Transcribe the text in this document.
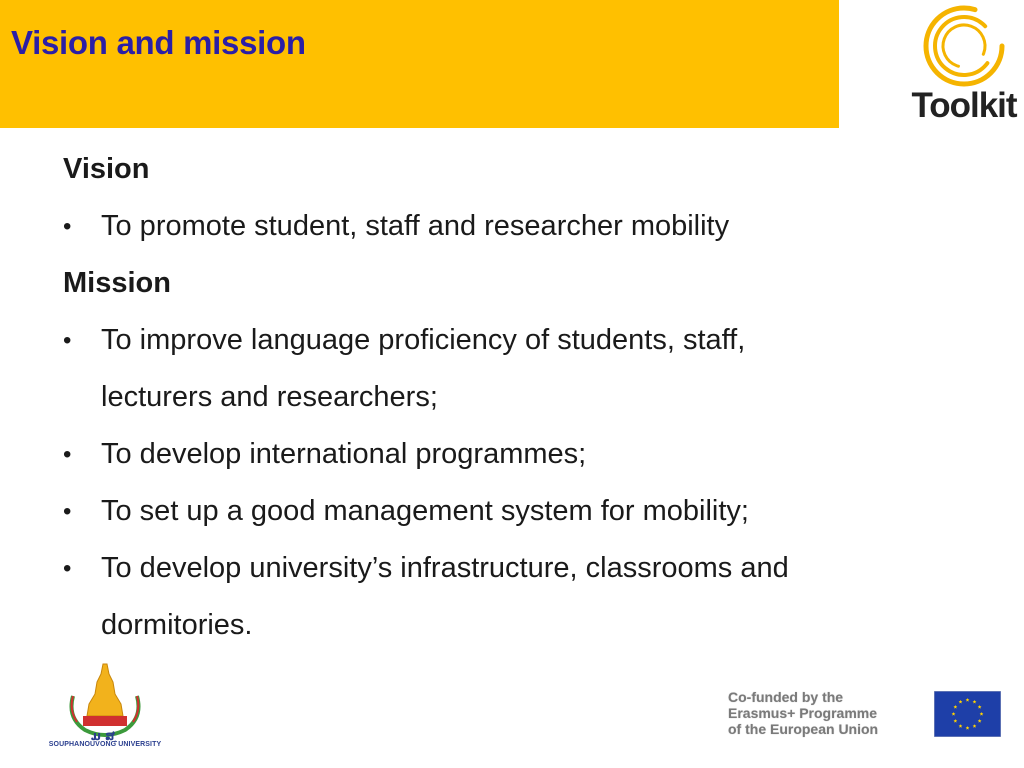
Vision and mission
Toolkit

Vision

• To promote student, staff and researcher mobility

Mission

• To improve language proficiency of students, staff, lecturers and researchers;
• To develop international programmes;
• To set up a good management system for mobility;
• To develop university’s infrastructure, classrooms and dormitories.
ມ ສ ຸ
SOUPHANOUVONG UNIVERSITY
Co-funded by the
Erasmus+ Programme
of the European Union
